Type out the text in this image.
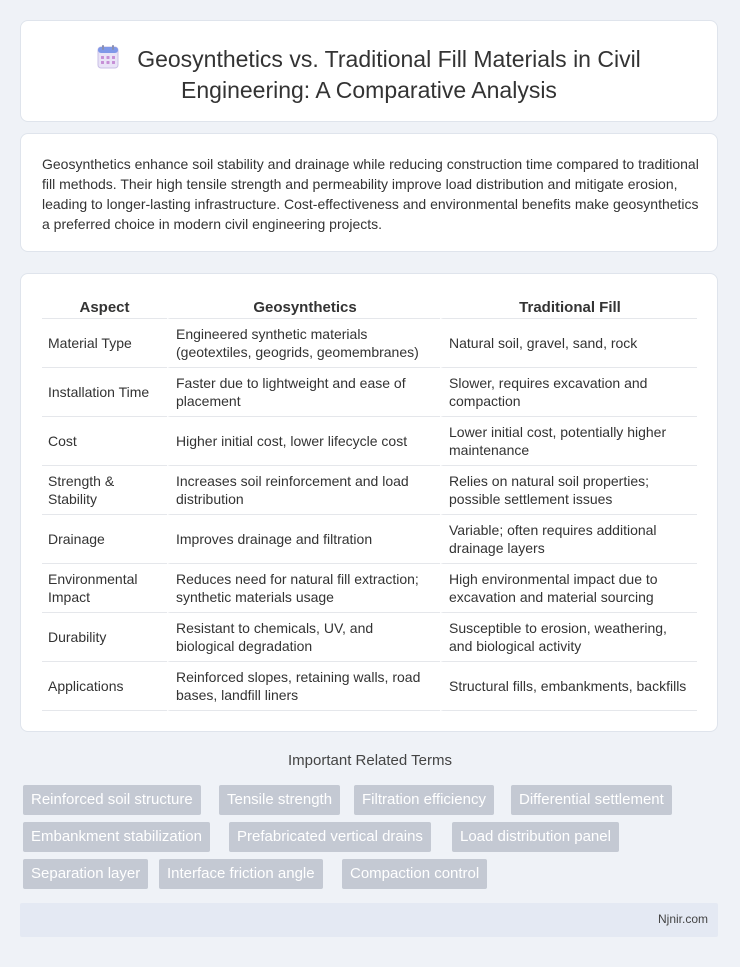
Geosynthetics vs. Traditional Fill Materials in Civil
Engineering: A Comparative Analysis
Geosynthetics enhance soil stability and drainage while reducing construction time compared to traditional fill methods. Their high tensile strength and permeability improve load distribution and mitigate erosion, leading to longer-lasting infrastructure. Cost-effectiveness and environmental benefits make geosynthetics a preferred choice in modern civil engineering projects.
Aspect	Geosynthetics	Traditional Fill
Material Type	Engineered synthetic materials (geotextiles, geogrids, geomembranes)	Natural soil, gravel, sand, rock
Installation Time	Faster due to lightweight and ease of placement	Slower, requires excavation and compaction
Cost	Higher initial cost, lower lifecycle cost	Lower initial cost, potentially higher maintenance
Strength & Stability	Increases soil reinforcement and load distribution	Relies on natural soil properties; possible settlement issues
Drainage	Improves drainage and filtration	Variable; often requires additional drainage layers
Environmental Impact	Reduces need for natural fill extraction; synthetic materials usage	High environmental impact due to excavation and material sourcing
Durability	Resistant to chemicals, UV, and biological degradation	Susceptible to erosion, weathering, and biological activity
Applications	Reinforced slopes, retaining walls, road bases, landfill liners	Structural fills, embankments, backfills
Important Related Terms
Reinforced soil structure	Tensile strength	Filtration efficiency	Differential settlement
Embankment stabilization	Prefabricated vertical drains	Load distribution panel
Separation layer	Interface friction angle	Compaction control
Njnir.com
